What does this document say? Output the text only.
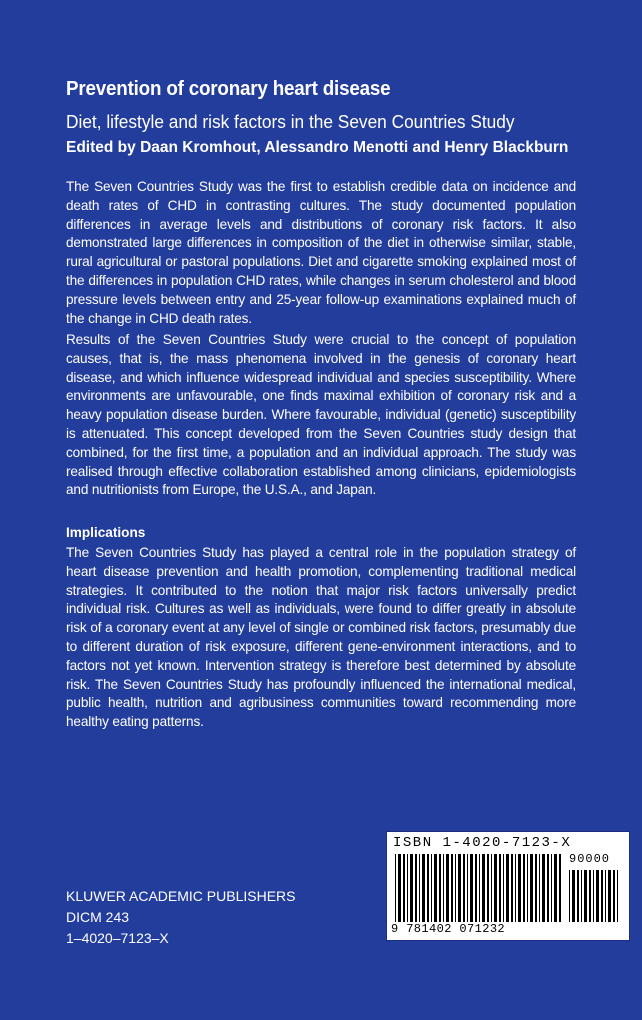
Prevention of coronary heart disease
Diet, lifestyle and risk factors in the Seven Countries Study

Edited by Daan Kromhout, Alessandro Menotti and Henry Blackburn

The Seven Countries Study was the first to establish credible data on incidence and death rates of CHD in contrasting cultures. The study documented population differences in average levels and distributions of coronary risk factors. It also demonstrated large differences in composition of the diet in otherwise similar, stable, rural agricultural or pastoral populations. Diet and cigarette smoking explained most of the differences in population CHD rates, while changes in serum cholesterol and blood pressure levels between entry and 25-year follow-up examinations explained much of the change in CHD death rates.

Results of the Seven Countries Study were crucial to the concept of population causes, that is, the mass phenomena involved in the genesis of coronary heart disease, and which influence widespread individual and species susceptibility. Where environments are unfavourable, one finds maximal exhibition of coronary risk and a heavy population disease burden. Where favourable, individual (genetic) susceptibility is attenuated. This concept developed from the Seven Countries study design that combined, for the first time, a population and an individual approach. The study was realised through effective collaboration established among clinicians, epidemiologists and nutritionists from Europe, the U.S.A., and Japan.

Implications

The Seven Countries Study has played a central role in the population strategy of heart disease prevention and health promotion, complementing traditional medical strategies. It contributed to the notion that major risk factors universally predict individual risk. Cultures as well as individuals, were found to differ greatly in absolute risk of a coronary event at any level of single or combined risk factors, presumably due to different duration of risk exposure, different gene-environment interactions, and to factors not yet known. Intervention strategy is therefore best determined by absolute risk. The Seven Countries Study has profoundly influenced the international medical, public health, nutrition and agribusiness communities toward recommending more healthy eating patterns.

ISBN 1-4020-7123-X
90000
9 781402 071232

KLUWER ACADEMIC PUBLISHERS

DICM 243

1–4020–7123–X
